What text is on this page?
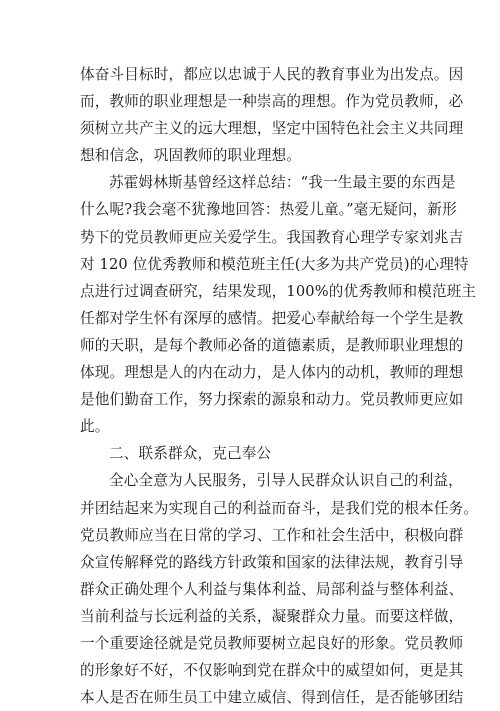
体奋斗目标时，都应以忠诚于人民的教育事业为出发点。因
而，教师的职业理想是一种崇高的理想。作为党员教师，必
须树立共产主义的远大理想，坚定中国特色社会主义共同理
想和信念，巩固教师的职业理想。
苏霍姆林斯基曾经这样总结：“我一生最主要的东西是
什么呢?我会毫不犹豫地回答：热爱儿童。”毫无疑问，新形
势下的党员教师更应关爱学生。我国教育心理学专家刘兆吉
对 120 位优秀教师和模范班主任(大多为共产党员)的心理特
点进行过调查研究，结果发现，100%的优秀教师和模范班主
任都对学生怀有深厚的感情。把爱心奉献给每一个学生是教
师的天职，是每个教师必备的道德素质，是教师职业理想的
体现。理想是人的内在动力，是人体内的动机，教师的理想
是他们勤奋工作，努力探索的源泉和动力。党员教师更应如
此。
二、联系群众，克己奉公
全心全意为人民服务，引导人民群众认识自己的利益，
并团结起来为实现自己的利益而奋斗，是我们党的根本任务。
党员教师应当在日常的学习、工作和社会生活中，积极向群
众宣传解释党的路线方针政策和国家的法律法规，教育引导
群众正确处理个人利益与集体利益、局部利益与整体利益、
当前利益与长远利益的关系，凝聚群众力量。而要这样做，
一个重要途径就是党员教师要树立起良好的形象。党员教师
的形象好不好，不仅影响到党在群众中的威望如何，更是其
本人是否在师生员工中建立威信、得到信任，是否能够团结
